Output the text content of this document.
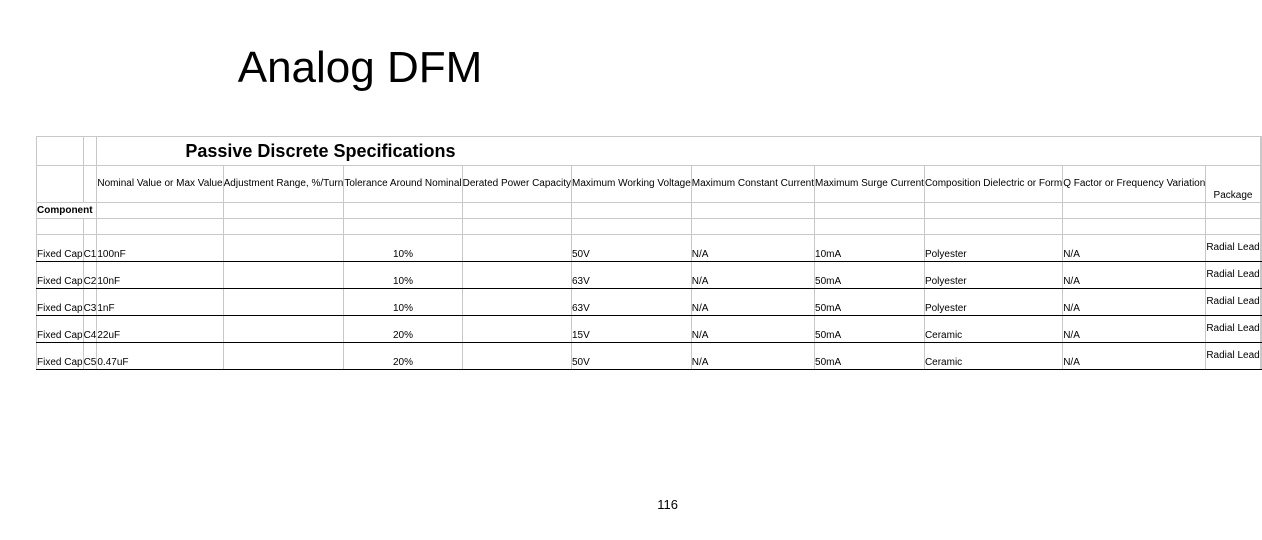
Analog DFM
		Passive Discrete Specifications										
		Nominal Value or Max Value	Adjustment Range, %/Turn	Tolerance Around Nominal	Derated Power Capacity	Maximum Working Voltage	Maximum Constant Current	Maximum Surge Current	Composition Dielectric or Form	Q Factor or Frequency Variation	Package	
Component												

Fixed Cap	C1	100nF		10%		50V	N/A	10mA	Polyester	N/A	Radial Lead	
Fixed Cap	C2	10nF		10%		63V	N/A	50mA	Polyester	N/A	Radial Lead	
Fixed Cap	C3	1nF		10%		63V	N/A	50mA	Polyester	N/A	Radial Lead	
Fixed Cap	C4	22uF		20%		15V	N/A	50mA	Ceramic	N/A	Radial Lead	
Fixed Cap	C5	0.47uF		20%		50V	N/A	50mA	Ceramic	N/A	Radial Lead	
116
